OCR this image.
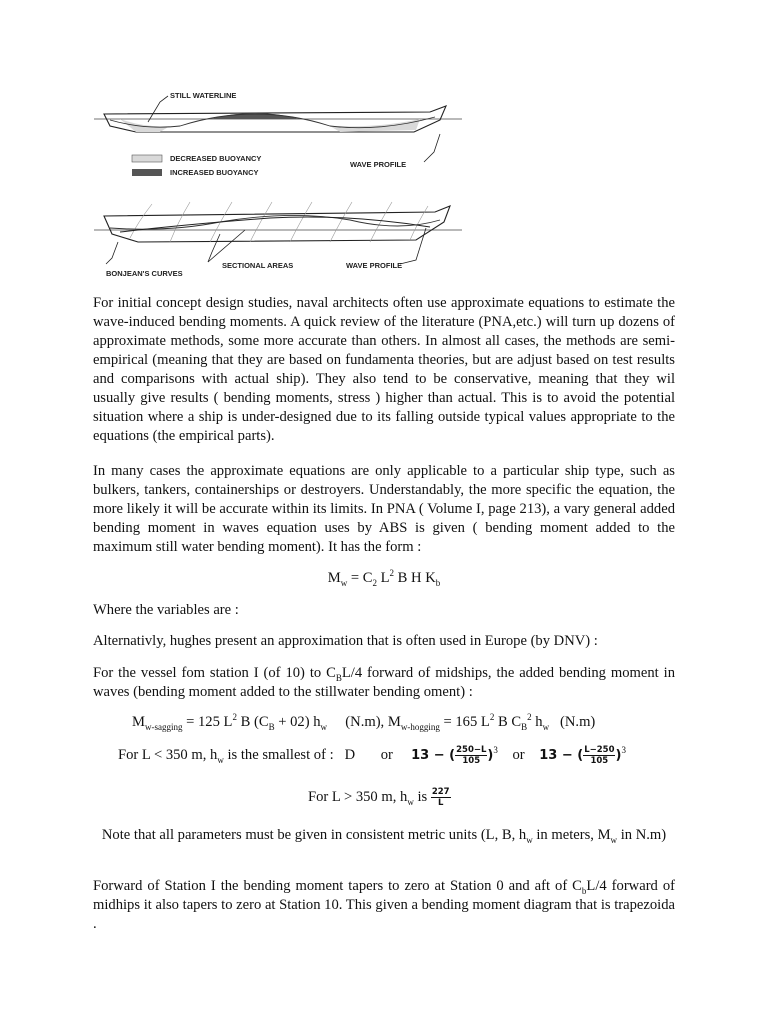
STILL WATERLINE
DECREASED BUOYANCY
INCREASED BUOYANCY
WAVE PROFILE
BONJEAN'S CURVES
SECTIONAL AREAS	WAVE PROFILE

For initial concept design studies, naval architects often use approximate equations to estimate the wave-induced bending moments. A quick review of the literature (PNA,etc.) will turn up dozens of approximate methods, some more accurate than others. In almost all cases, the methods are semi-empirical (meaning that they are based on fundamenta theories, but are adjust based on test results and comparisons with actual ship). They also tend to be conservative, meaning that they wil usually give results ( bending moments, stress ) higher than actual. This is to avoid the potential situation where a ship is under-designed due to its falling outside typical values appropriate to the equations (the empirical parts).

In many cases the approximate equations are only applicable to a particular ship type, such as bulkers, tankers, containerships or destroyers. Understandably, the more specific the equation, the more likely it will be accurate within its limits. In PNA ( Volume I, page 213), a vary general added bending moment in waves equation uses by ABS is given ( bending moment added to the maximum still water bending moment). It has the form :

$M_w = C_2$ $L^2$ B H $K_b$

Where the variables are :

Alternativly, hughes present an approximation that is often used in Europe (by DNV) :

For the vessel fom station I (of 10) to $C_BL/4$ forward of midships, the added bending moment in waves (bending moment added to the stillwater bending oment) :

$M_{w-sagging} = 125$ $L^2$ B $(C_B + 02)$ $h_w$ (N.m), $M_{w-hogging} = 165$ $L^2$ B $C_B^2$ $h_w$ (N.m)
For L < 350 m, $h_w$ is the smallest of : D or 13 − ( $\frac{250-L}{105} )^3$ or 13 − ( $\frac{L-250}{105} )^3$
For L > 350 m, $h_w$ is $\frac{227}{L}$

Note that all parameters must be given in consistent metric units (L, B, $h_w$ in meters, $M_w$ in N.m)

Forward of Station I the bending moment tapers to zero at Station 0 and aft of $C_bL/4$ forward of midhips it also tapers to zero at Station 10. This given a bending moment diagram that is trapezoida .
